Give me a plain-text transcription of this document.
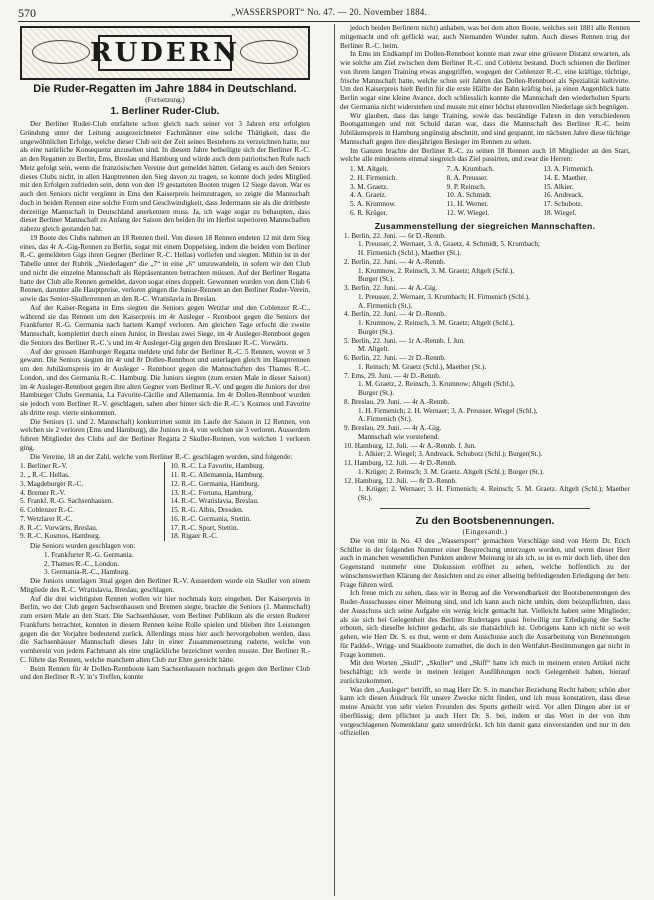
570	„WASSERSPORT“ No. 47. — 20. November 1884.
RUDERN
Die Ruder-Regatten im Jahre 1884 in Deutschland.
(Fortsetzung.)
1. Berliner Ruder-Club.

Der Berliner Ruder-Club entfaltete schon gleich nach seiner vor 3 Jahren erst erfolgten Gründung unter der Leitung ausgezeichneter Fachmänner eine solche Thätigkeit, dass die ungewöhnlichen Erfolge, welche dieser Club seit der Zeit seines Bestehens zu verzeichnen hatte, nur als eine natürliche Konsequenz anzusehen sind. In diesem Jahre betheiligte sich der Berliner R.-C. an den Regatten zu Berlin, Ems, Breslau und Hamburg und würde auch dem patriotischen Rufe nach Metz gefolgt sein, wenn die französischen Vereine dort gemeldet hätten. Gelang es auch den Seniors dieses Clubs nicht, in allen Hauptrennen den Sieg davon zu tragen, so konnte doch jedes Mitglied mit den Erfolgen zufrieden sein, denn von den 19 gestarteten Booten trugen 12 Siege davon. War es auch den Seniors nicht vergönnt in Ems den Kaiserpreis heimzutragen, so zeigte die Mannschaft doch in beiden Rennen eine solche Form und Geschwindigkeit, dass Jedermann sie als die drittbeste derzeitige Mannschaft in Deutschland anerkennen muss. Ja, ich wage sogar zu behaupten, dass dieser Berliner Mannschaft zu Anfang der Saison den beiden ihr im Herbst superioren Mannschaften nahezu gleich gestanden hat.

19 Boote des Clubs nahmen an 18 Rennen theil. Von diesen 18 Rennen endeten 12 mit dem Sieg eines, das 4r A.-Gig-Rennen zu Berlin, sogar mit einem Doppelsieg, indem die beiden vom Berliner R.-C. gemeldeten Gigs ihren Gegner (Berliner R.-C. Hellas) vorliefen und siegten. Mithin ist in der Tabelle unter der Rubrik „Niederlagen“ die „7“ in eine „6“ umzuwandeln, in sofern wir den Club und nicht die einzelne Mannschaft als Repräsentanten betrachten müssen. Auf der Berliner Regatta hatte der Club alle Rennen gemeldet, davon sogar eines doppelt. Gewonnen wurden von dem Club 6 Rennen, darunter alle Hauptpreise, verloren gingen die Junior-Rennen an den Berliner Ruder-Verein, sowie das Senior-Skullerrennen an den R.-C. Wratislavia in Breslau.

Auf der Kaiser-Regatta in Ems siegten die Seniors gegen Wetzlar und den Coblenzer R.-C., während sie das Rennen um den Kaiserpreis im 4r Ausleger - Rennboot gegen die Seniors der Frankfurter R.-G. Germania nach hartem Kampf verloren. Am gleichen Tage erfocht die zweite Mannschaft, komplettirt durch einen Junior, in Breslau zwei Siege, im 4r Ausleger-Rennboot gegen die Seniors des Berliner R.-C.’s und im 4r Ausleger-Gig gegen den Breslauer R.-C. Vorwärts.

Auf der grossen Hamburger Regatta meldete und fuhr der Berliner R.-C. 5 Rennen, wovon er 3 gewann. Die Seniors siegten im 4r und 8r Dollen-Rennboot und unterlagen gleich im Hauptrennen um den Jubiläumspreis im 4r Ausleger - Rennboot gegen die Mannschaften des Thames R.-C. London, und des Germania R.-C. Hamburg. Die Juniors siegten (zum ersten Male in dieser Saison) im 4r Ausleger-Rennboot gegen ihre alten Gegner vom Berliner R.-V. und gegen die Juniors der drei Hamburger Clubs Germania, La Favorite-Cäcilie und Allemannia. Im 4r Dollen-Rennboot wurden sie jedoch vom Berliner R.-V. geschlagen, sahen aber hinter sich die R.-C.’s Kosmos und Favorite als dritte resp. vierte einkommen.

Die Seniors (1. und 2. Mannschaft) konkurrirten somit im Laufe der Saison in 12 Rennen, von welchen sie 2 verloren (Ems und Hamburg), die Juniors in 4, von welchen sie 3 verloren. Ausserdem fuhren Mitglieder des Clubs auf der Berliner Regatta 2 Skuller-Rennen, von welchen 1 verloren ging.

Die Vereine, 18 an der Zahl, welche vom Berliner R.-C. geschlagen wurden, sind folgende:

1. Berliner R.-V.
2. „ R.-C. Hellas.
3. Magdeburger R.-C.
4. Bremer R.-V.
5. Frankf. R.-G. Sachsenhausen.
6. Coblenzer R.-C.
7. Wetzlarer R.-C.
8. R.-C. Vorwärts, Breslau.
9. R.-C. Kosmos, Hamburg.
10. R.-C. La Favorite, Hamburg.
11. R.-C. Allemannia, Hamburg.
12. R.-C. Germania, Hamburg.
13. R.-C. Fortuna, Hamburg.
14. R.-C. Wratislavia, Breslau.
15. R.-G. Albis, Dresden.
16. R.-C. Germania, Stettin.
17. R.-C. Sport, Stettin.
18. Rigaer R.-C.

Die Seniors wurden geschlagen von:

1. Frankfurter R.-G. Germania.
2. Thames R.-C., London.
3. Germania-R.-C., Hamburg.

Die Juniors unterlagen 3mal gegen den Berliner R.-V. Ausserdem wurde ein Skuller von einem Mitgliede des R.-C. Wratislavia, Breslau, geschlagen.

Auf die drei wichtigsten Rennen wollen wir hier nochmals kurz eingehen. Der Kaiserpreis in Berlin, wo der Club gegen Sachsenhausen und Bremen siegte, brachte die Seniors (1. Mannschaft) zum ersten Male an den Start. Die Sachsenhäuser, vom Berliner Publikum als die ersten Ruderer Frankfurts betrachtet, konnten in diesem Rennen keine Rolle spielen und blieben ihre Leistungen gegen die der Vorjahre bedeutend zurück. Allerdings muss hier auch hervorgehoben werden, dass die Sachsenhäuser Mannschaft dieses Jahr in einer Zusammensetzung ruderte, welche von vornherein von jedem Fachmann als eine ungläckliche bezeichnet werden musste. Der Berliner R.-C. führte das Rennen, welche manchem alten Club zur Ehre gereicht hätte.

Beim Rennen für 4r Dollen-Rennboote kam Sachsenhausen nochmals gegen den Berliner Club und den Berliner R.-V. in’s Treffen, konnte

jedoch beiden Berlinern nicht) anhaben, was bei dem alten Boote, welches seit 1881 alle Rennen mitgemacht und oft geflickt war, auch Niemanden Wunder nahm. Auch dieses Rennen trug der Berliner R.-C. heim.

In Ems im Endkampf im Dollen-Rennboot konnte man zwar eine grössere Distanz erwarten, als wie solche am Ziel zwischen dem Berliner R.-C. und Coblenz bestand. Doch schienen die Berliner von ihrem langen Training etwas angegriffen, wogegen der Coblenzer R.-C. eine kräftige, tüchtige, frische Mannschaft hatte, welche schon seit Jahren das Dollen-Rennboot als Spezialität kultivirte. Um den Kaiserpreis hielt Berlin für die erste Hälfte der Bahn kräftig bei, ja einen Augenblick hatte Berlin sogar eine kleine Avance, doch schliesslich konnte die Mannschaft den wiederholten Spurts der Germania nicht widerstehen und musste mit einer höchst ehrenvollen Niederlage sich begnügen.

Wir glauben, dass das lange Training, sowie das beständige Fahren in den verschiedenen Bootsgattungen und mit Schuld daran war, dass die Mannschaft des Berliner R.-C. beim Jubiläumspreis in Hamburg ungünstig abschnitt, und sind gespannt, im nächsten Jahre diese tüchtige Mannschaft gegen ihre diesjährigen Besieger im Rennen zu sehen.

Im Ganzen brachte der Berliner R.-C. zu seinen 18 Rennen auch 18 Mitglieder an den Start, welche alle mindestens einmal siegreich das Ziel passirten, und zwar die Herren:

1. M. Altgelt.
2. H. Firmenich.
3. M. Graetz.
4. A. Graetz.
5. A. Krumnow.
6. R. Krüger.
7. A. Krumbach.
8. A. Preusser.
9. P. Reinsch.
10. A. Schmidt.
11. H. Werner.
12. W. Wiegel.
13. A. Firmenich.
14. E. Maether.
15. Alkier.
16. Andreack.
17. Schubotz.
18. Wiegel.
Zusammenstellung der siegreichen Mannschaften.
1. Berlin, 22. Juni. — 6r D.-Rennb.
1. Preusser, 2. Wernaer, 3. A. Graetz, 4. Schmidt, 5. Krumbach;
H. Firmenich (Schl.), Maether (St.).
2. Berlin, 22. Juni. — 4r A.-Rennb.
1. Krumnow, 2. Reinsch, 3. M. Graetz; Altgelt (Schl.),
Burger (St.).
3. Berlin, 22. Juni. — 4r A.-Gig.
1. Preusser, 2. Wernaer, 3. Krumbach; H. Firmenich (Schl.),
A. Firmenich (St.).
4. Berlin, 22. Juni. — 4r D.-Rennb.
1. Krumnow, 2. Reinsch, 3. M. Graetz; Altgelt (Schl.),
Burger (St.).
5. Berlin, 22. Juni. — 1r A.-Rennb. f. Jun.
M. Altgelt.
6. Berlin, 22. Juni. — 2r D.-Rennb.
1. Reinsch; M. Graetz (Schl.), Maether (St.).
7. Ems, 29. Juni. — 4r D.-Rennb.
1. M. Graetz, 2. Reinsch, 3. Krumnow; Altgelt (Schl.),
Burger (St.).
8. Breslau, 29. Juni. — 4r A.-Rennb.
1. H. Firmenich; 2. H. Wernaer; 3. A. Preusser. Wiegel (Schl.),
A. Firmenich (St.).
9. Breslau, 29. Juni. — 4r A.-Gig.
Mannschaft wie vorstehend.
10. Hamburg, 12. Juli. — 4r A.-Rennb. f. Jun.
1. Alkier; 2. Wiegel; 3. Andreack. Schubotz (Schl.); Burger(St.).
11. Hamburg, 12. Juli. — 4r D.-Rennb.
1. Krüger; 2. Reinsch; 3. M. Graetz. Altgelt (Schl.); Burger (St.).
12. Hamburg, 12. Juli. — 8r D.-Rennb.
1. Krüger; 2. Wernaer; 3. H. Firmenich; 4. Reinsch; 5. M. Graetz. Altgelt (Schl.); Maether (St.).
Zu den Bootsbenennungen.
(Eingesandt.)

Die von mir in No. 43 des „Wassersport“ gemachten Vorschläge sind von Herrn Dr. Erich Schiller in der folgenden Nummer einer Besprechung unterzogen worden, und wenn dieser Herr auch in manchen wesentlichen Punkten anderer Meinung ist als ich, so ist es mir doch lieb, über den Gegenstand nunmehr eine Diskussion eröffnet zu sehen, welche hoffentlich zu der wünschenswerthen Klärung der Ansichten und zu einer allseitig befriedigenden Erledigung der betr. Frage führen wird.

Ich freue mich zu sehen, dass wir in Bezug auf die Verwendbarkeit der Bootsbenennungen des Ruder-Ausschusses einer Meinung sind, und ich kann auch nicht umhin, dem beizupflichten, dass der Ausschuss sich seine Aufgabe ein wenig leicht gemacht hat. Vielleicht haben seine Mitglieder, als sie sich bei Gelegenheit des Berliner Rudertages quasi freiwillig zur Erledigung der Sache erboten, sich dieselbe leichter gedacht, als sie thatsächlich ist. Uebrigens kann ich nicht so weit gehen, wie Herr Dr. S. es thut, wenn er dem Ausschusse auch die Ausarbeitung von Benennungen für Paddel-, Wrigg- und Staakboote zumuthet, die doch in den Wettfahrt-Bestimmungen gar nicht in Frage kommen.

Mit den Worten „Skull“, „Skuller“ und „Skiff“ hatte ich mich in meinem ersten Artikel nicht beschäftigt; ich werde in meinen lezigen Ausführungen noch Gelegenheit haben, hierauf zurückzukommen.

Was den „Ausleger“ betrifft, so mag Herr Dr. S. in mancher Beziehung Recht haben; schön aber kann ich diesen Ausdruck für unsere Zwecke nicht finden, und ich muss konstatiren, dass diese meine Ansicht von sehr vielen Freunden des Sports getheilt wird. Vor allen Dingen aber ist er überflüssig; dem pflichtet ja auch Herr Dr. S. bei, indem er das Wort in der von ihm vorgeschlagenen Nomenklatur ganz unterdrückt. Ich bin damit ganz einverstanden und nur in den offiziellen
